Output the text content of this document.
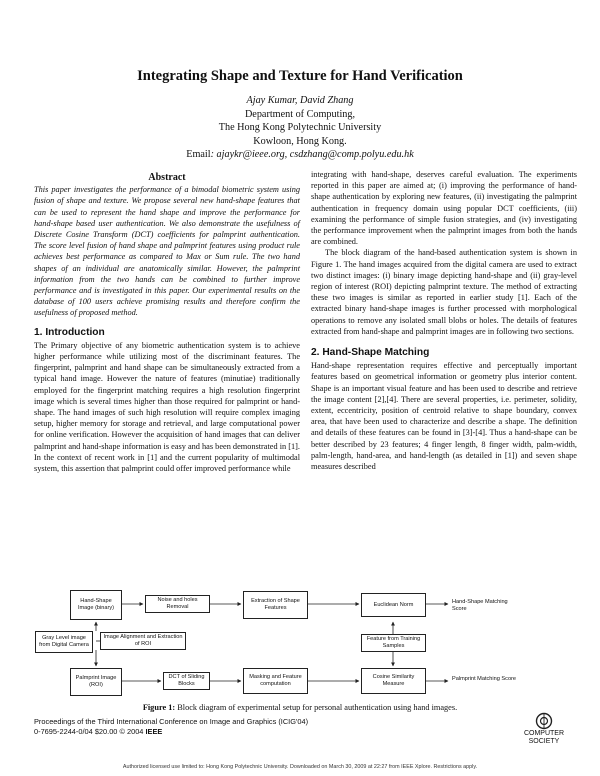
Integrating Shape and Texture for Hand Verification
Ajay Kumar, David Zhang
Department of Computing,
The Hong Kong Polytechnic University
Kowloon, Hong Kong.
Email: ajaykr@ieee.org, csdzhang@comp.polyu.edu.hk
Abstract

This paper investigates the performance of a bimodal biometric system using fusion of shape and texture. We propose several new hand-shape features that can be used to represent the hand shape and improve the performance for hand-shape based user authentication. We also demonstrate the usefulness of Discrete Cosine Transform (DCT) coefficients for palmprint authentication. The score level fusion of hand shape and palmprint features using product rule achieves best performance as compared to Max or Sum rule. The two hand shapes of an individual are anatomically similar. However, the palmprint information from the two hands can be combined to further improve performance and is investigated in this paper. Our experimental results on the database of 100 users achieve promising results and therefore confirm the usefulness of proposed method.

1. Introduction

The Primary objective of any biometric authentication system is to achieve higher performance while utilizing most of the discriminant features. The fingerprint, palmprint and hand shape can be simultaneously extracted from a typical hand image. However the nature of features (minutiae) traditionally employed for the fingerprint matching requires a high resolution fingerprint image which is several times higher than those required for palmprint or hand-shape. The hand images of such high resolution will require complex imaging setup, higher memory for storage and retrieval, and large computational power for online verification. However the acquisition of hand images that can deliver palmprint and hand-shape information is easy and has been demonstrated in [1]. In the context of recent work in [1] and the current popularity of multimodal system, this assertion that palmprint could offer improved performance while

integrating with hand-shape, deserves careful evaluation. The experiments reported in this paper are aimed at; (i) improving the performance of hand-shape authentication by exploring new features, (ii) investigating the palmprint authentication in frequency domain using popular DCT coefficients, (iii) examining the performance of simple fusion strategies, and (iv) investigating the performance improvement when the palmprint images from both the hands are combined.

The block diagram of the hand-based authentication system is shown in Figure 1. The hand images acquired from the digital camera are used to extract two distinct images: (i) binary image depicting hand-shape and (ii) gray-level region of interest (ROI) depicting palmprint texture. The method of extracting these two images is similar as reported in earlier study [1]. Each of the extracted binary hand-shape images is further processed with morphological operations to remove any isolated small blobs or holes. The details of features extracted from hand-shape and palmprint images are in following two sections.

2. Hand-Shape Matching

Hand-shape representation requires effective and perceptually important features based on geometrical information or geometry plus interior content. Shape is an important visual feature and has been used to describe and retrieve the image content [2],[4]. There are several properties, i.e. perimeter, solidity, extent, eccentricity, position of centroid relative to shape boundary, convex area, that have been used to characterize and describe a shape. The definition and details of these features can be found in [3]-[4]. Thus a hand-shape can be better described by 23 features; 4 finger length, 8 finger width, palm-width, palm-length, hand-area, and hand-length (as detailed in [1]) and seven shape measures described

Hand-Shape Image (binary)
Noise and holes Removal
Extraction of Shape Features
Euclidean Norm	Hand-Shape Matching Score
Gray Level image from Digital Camera
Image Alignment and Extraction of ROI
Feature from Training Samples
Palmprint Image (ROI)
DCT of Sliding Blocks
Masking and Feature computation
Cosine Similarity Measure
Palmprint Matching Score
Figure 1: Block diagram of experimental setup for personal authentication using hand images.
Proceedings of the Third International Conference on Image and Graphics (ICIG'04)
0-7695-2244-0/04 $20.00 © 2004 IEEE	COMPUTER
SOCIETY
Authorized licensed use limited to: Hong Kong Polytechnic University. Downloaded on March 30, 2009 at 22:27 from IEEE Xplore. Restrictions apply.
